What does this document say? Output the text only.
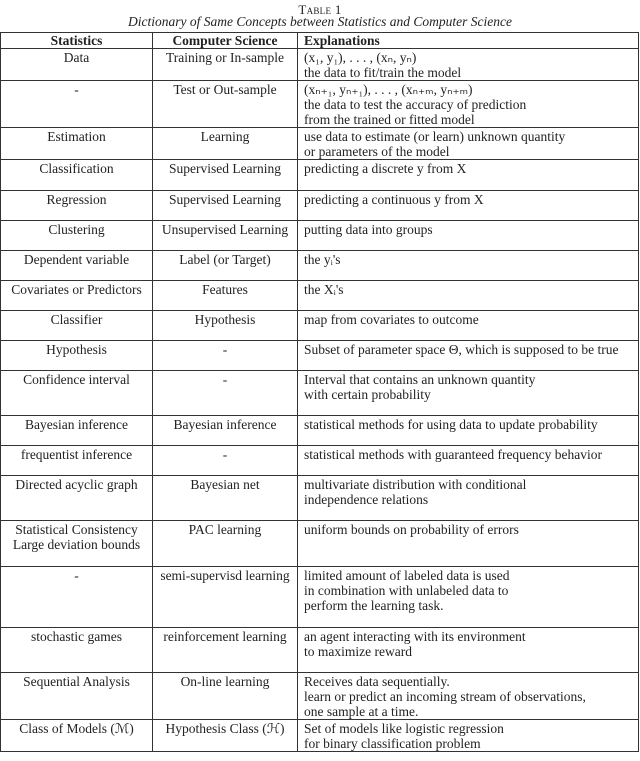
Table 1
Dictionary of Same Concepts between Statistics and Computer Science
Statistics	Computer Science	Explanations

Data	Training or In-sample	(x₁, y₁), . . . , (xₙ, yₙ)
the data to fit/train the model

-	Test or Out-sample	(xₙ₊₁, yₙ₊₁), . . . , (xₙ₊ₘ, yₙ₊ₘ)
the data to test the accuracy of prediction
from the trained or fitted model

Estimation	Learning	use data to estimate (or learn) unknown quantity
or parameters of the model

Classification	Supervised Learning	predicting a discrete y from X

Regression	Supervised Learning	predicting a continuous y from X

Clustering	Unsupervised Learning	putting data into groups

Dependent variable	Label (or Target)	the yᵢ's

Covariates or Predictors	Features	the Xᵢ's

Classifier	Hypothesis	map from covariates to outcome

Hypothesis	-	Subset of parameter space Θ, which is supposed to be true

Confidence interval	-	Interval that contains an unknown quantity
with certain probability

Bayesian inference	Bayesian inference	statistical methods for using data to update probability

frequentist inference	-	statistical methods with guaranteed frequency behavior

Directed acyclic graph	Bayesian net	multivariate distribution with conditional
independence relations

Statistical Consistency
Large deviation bounds	PAC learning	uniform bounds on probability of errors

-	semi-supervisd learning	limited amount of labeled data is used
in combination with unlabeled data to
perform the learning task.

stochastic games	reinforcement learning	an agent interacting with its environment
to maximize reward

Sequential Analysis	On-line learning	Receives data sequentially.
learn or predict an incoming stream of observations,
one sample at a time.

Class of Models (ℳ)	Hypothesis Class (ℋ)	Set of models like logistic regression
for binary classification problem
